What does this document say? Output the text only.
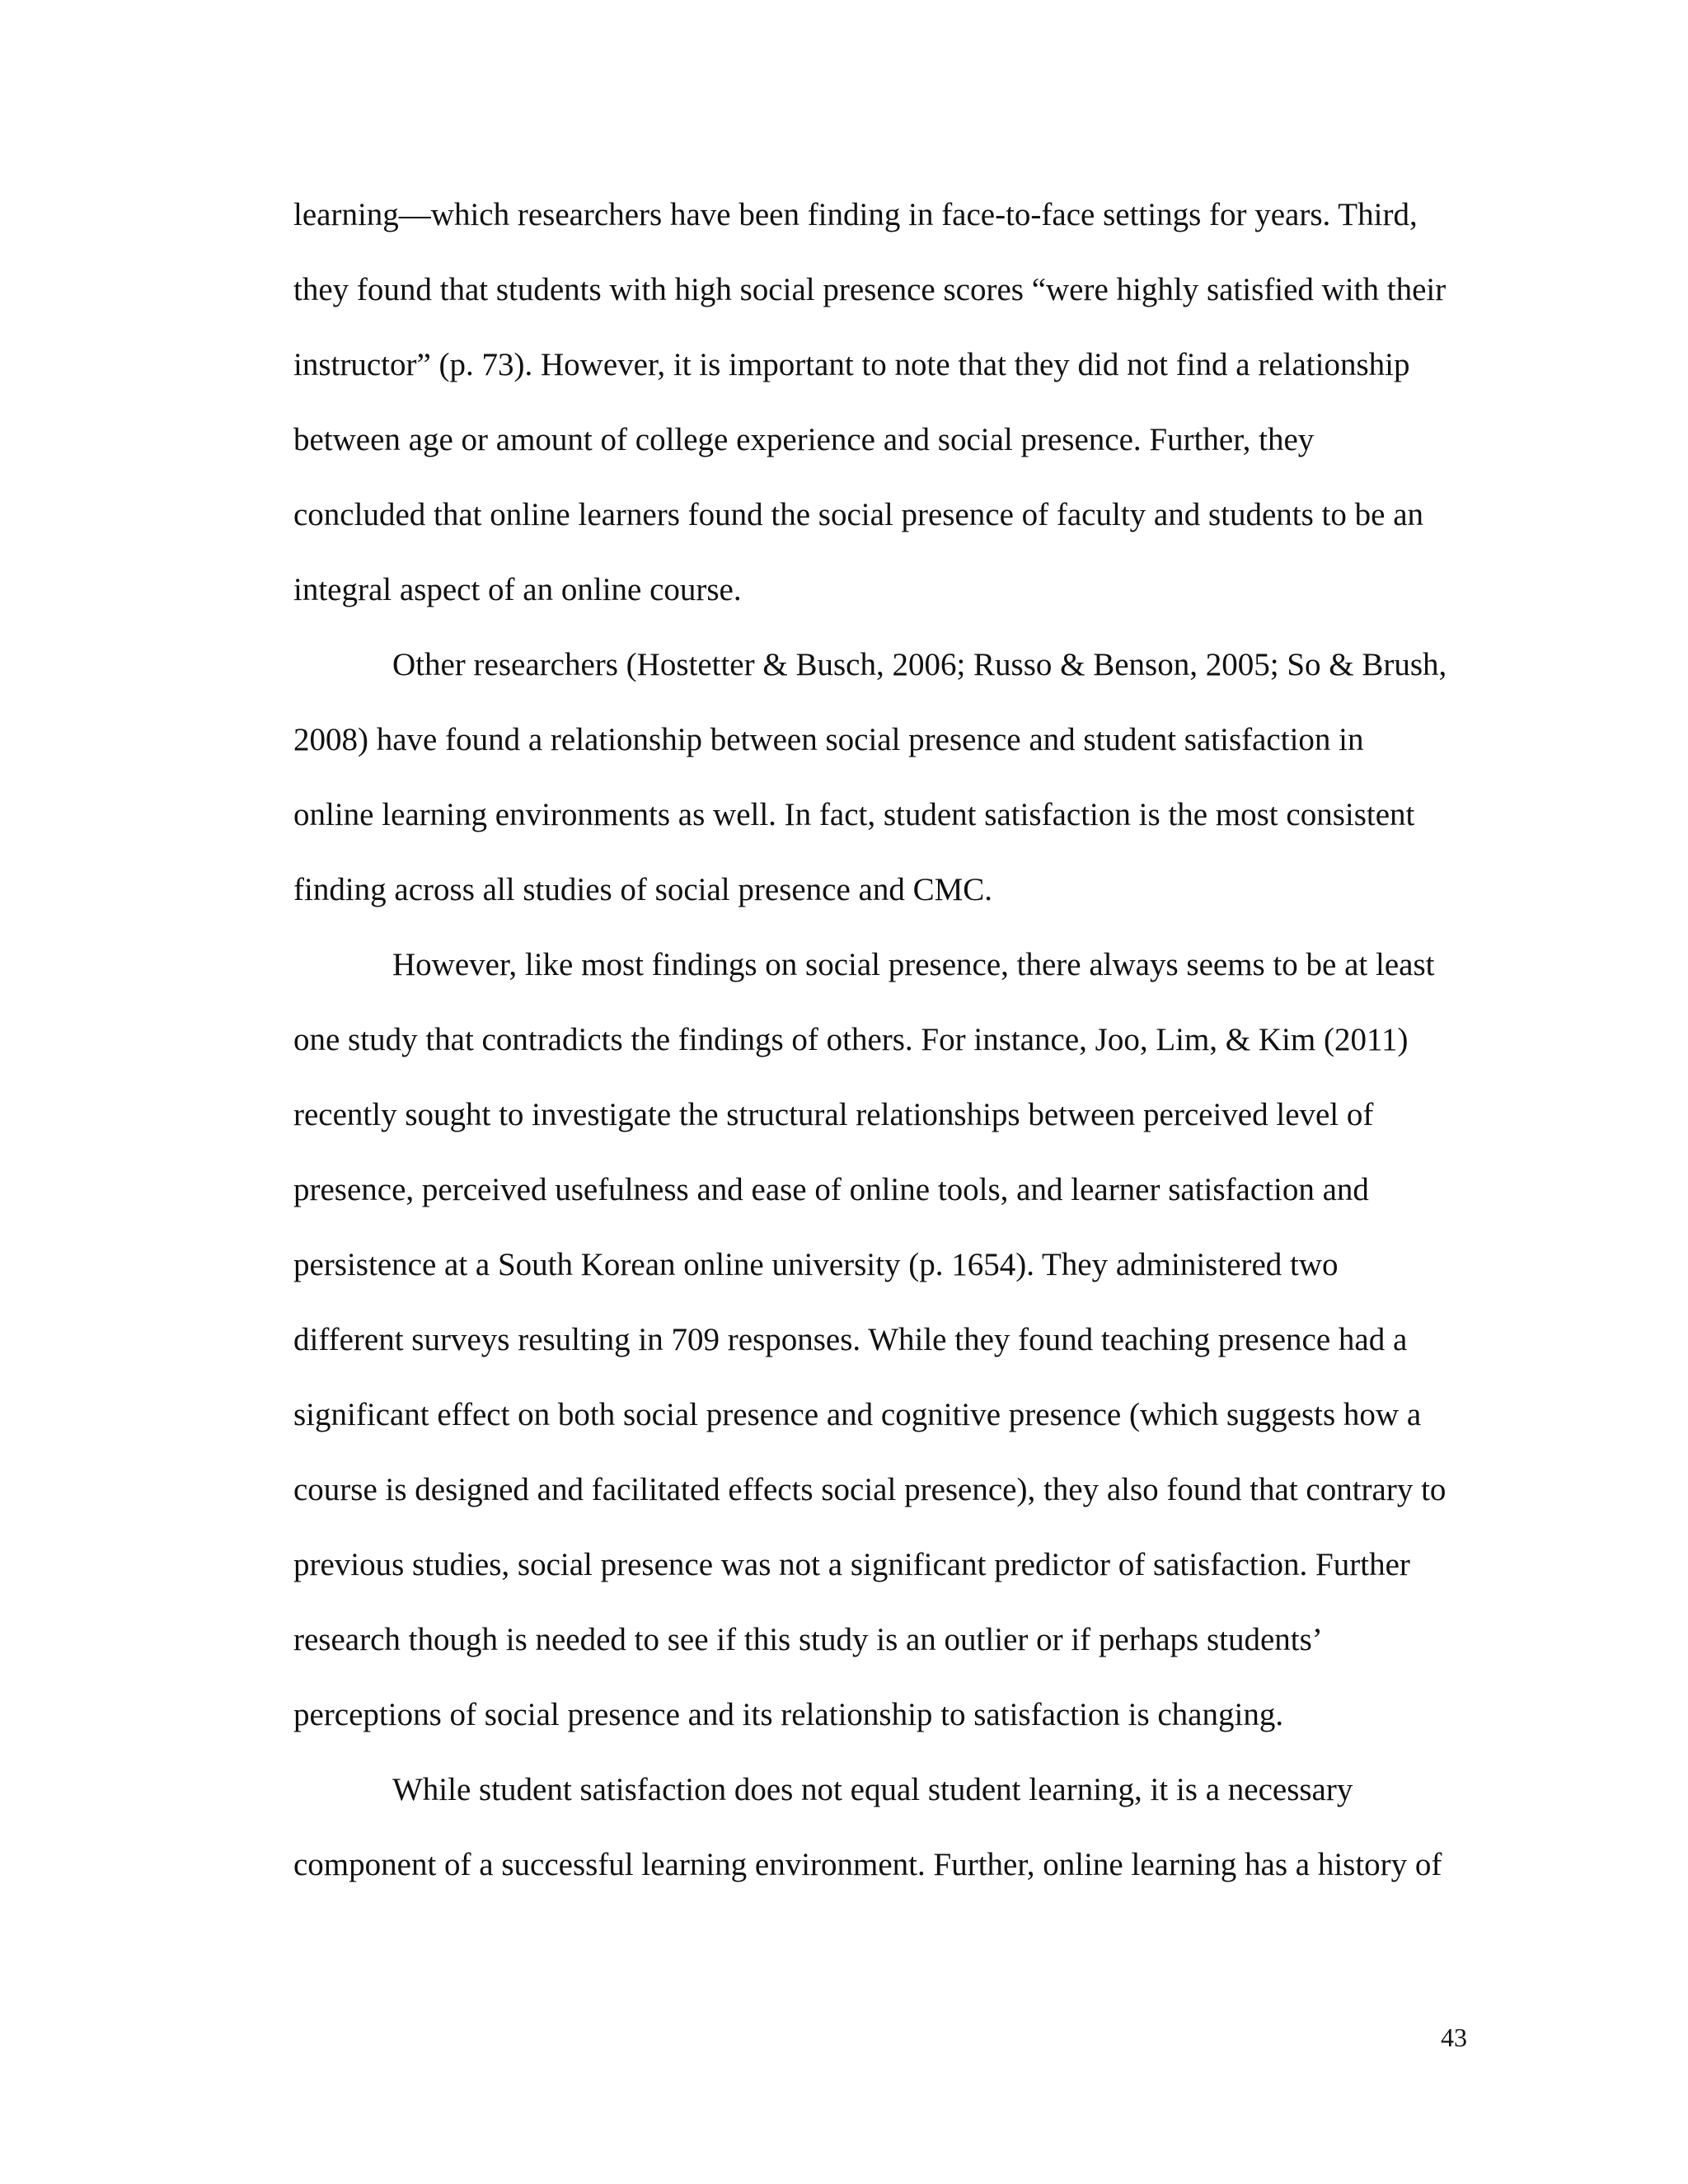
learning—which researchers have been finding in face-to-face settings for years. Third,

they found that students with high social presence scores “were highly satisfied with their

instructor” (p. 73). However, it is important to note that they did not find a relationship

between age or amount of college experience and social presence. Further, they

concluded that online learners found the social presence of faculty and students to be an

integral aspect of an online course.

Other researchers (Hostetter & Busch, 2006; Russo & Benson, 2005; So & Brush,

2008) have found a relationship between social presence and student satisfaction in

online learning environments as well. In fact, student satisfaction is the most consistent

finding across all studies of social presence and CMC.

However, like most findings on social presence, there always seems to be at least

one study that contradicts the findings of others. For instance, Joo, Lim, & Kim (2011)

recently sought to investigate the structural relationships between perceived level of

presence, perceived usefulness and ease of online tools, and learner satisfaction and

persistence at a South Korean online university (p. 1654). They administered two

different surveys resulting in 709 responses. While they found teaching presence had a

significant effect on both social presence and cognitive presence (which suggests how a

course is designed and facilitated effects social presence), they also found that contrary to

previous studies, social presence was not a significant predictor of satisfaction. Further

research though is needed to see if this study is an outlier or if perhaps students’

perceptions of social presence and its relationship to satisfaction is changing.

While student satisfaction does not equal student learning, it is a necessary

component of a successful learning environment. Further, online learning has a history of

43
